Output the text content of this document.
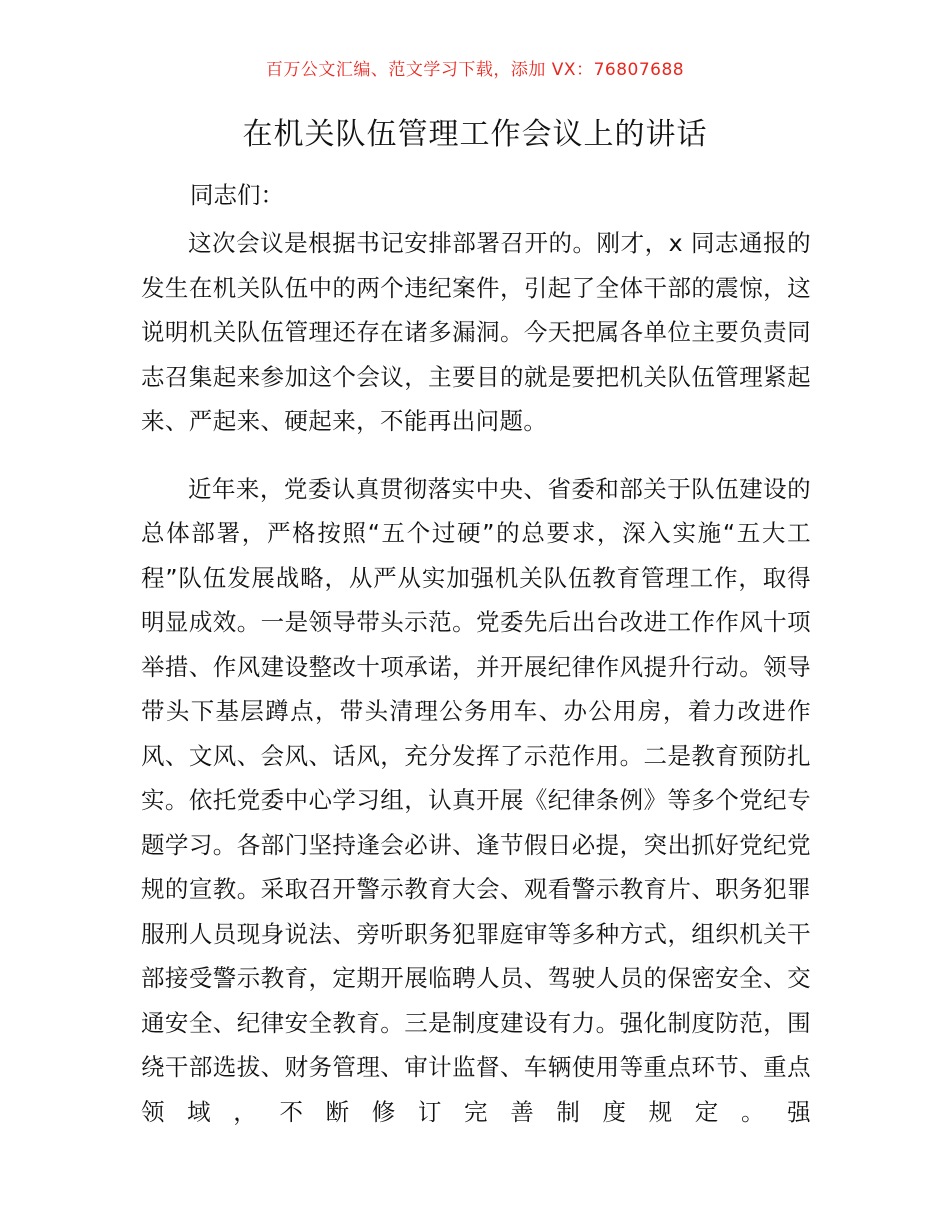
百万公文汇编、范文学习下载，添加 VX：76807688
在机关队伍管理工作会议上的讲话
同志们：

这次会议是根据书记安排部署召开的。刚才，x 同志通报的发生在机关队伍中的两个违纪案件，引起了全体干部的震惊，这说明机关队伍管理还存在诸多漏洞。今天把属各单位主要负责同志召集起来参加这个会议，主要目的就是要把机关队伍管理紧起来、严起来、硬起来，不能再出问题。

近年来，党委认真贯彻落实中央、省委和部关于队伍建设的总体部署，严格按照“五个过硬”的总要求，深入实施“五大工程”队伍发展战略，从严从实加强机关队伍教育管理工作，取得明显成效。一是领导带头示范。党委先后出台改进工作作风十项举措、作风建设整改十项承诺，并开展纪律作风提升行动。领导带头下基层蹲点，带头清理公务用车、办公用房，着力改进作风、文风、会风、话风，充分发挥了示范作用。二是教育预防扎实。依托党委中心学习组，认真开展《纪律条例》等多个党纪专题学习。各部门坚持逢会必讲、逢节假日必提，突出抓好党纪党规的宣教。采取召开警示教育大会、观看警示教育片、职务犯罪服刑人员现身说法、旁听职务犯罪庭审等多种方式，组织机关干部接受警示教育，定期开展临聘人员、驾驶人员的保密安全、交通安全、纪律安全教育。三是制度建设有力。强化制度防范，围绕干部选拔、财务管理、审计监督、车辆使用等重点环节、重点领域，不断修订完善制度规定。强
